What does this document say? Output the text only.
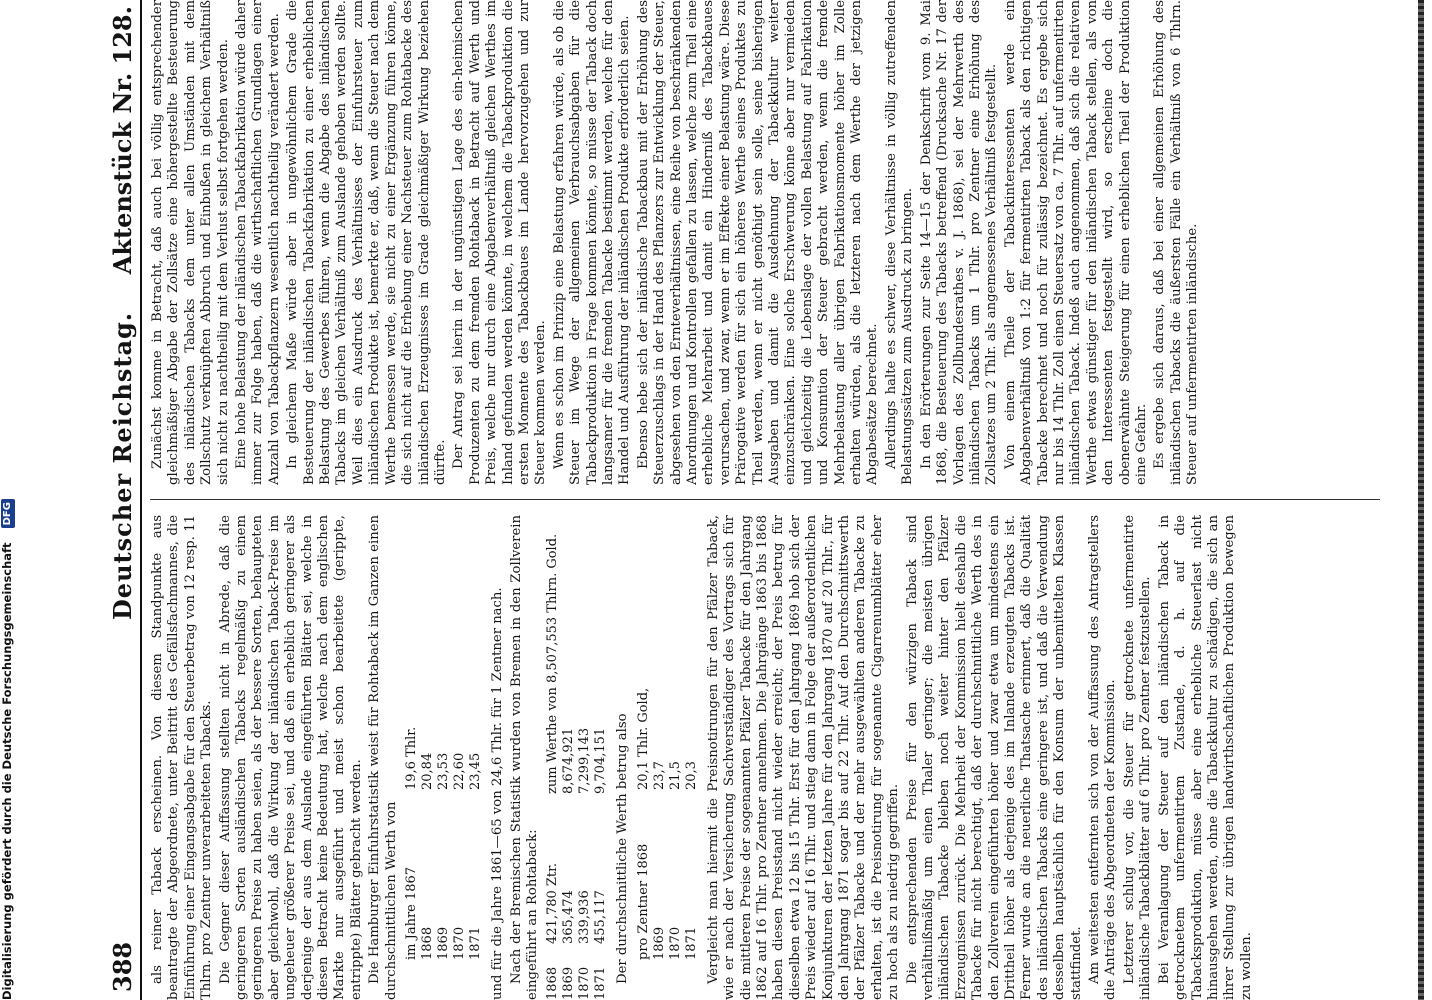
388
Deutscher Reichstag.
Aktenstück Nr. 128.

als reiner Taback erscheinen. Von diesem Standpunkte aus beantragte der Abgeordnete, unter Beitritt des Gefällsfachmannes, die Einführung einer Eingangsabgabe für den Steuerbetrag von 12 resp. 11 Thlrn. pro Zentner unverarbeiteten Tabacks. Die Gegner dieser Auffassung stellten nicht in Abrede, daß die geringeren Sorten ausländischen Tabacks regelmäßig zu einem geringeren Preise zu haben seien, als der bessere Sorten, behaupteten aber gleichwohl, daß die Wirkung der inländischen Taback-Preise im ungeheuer größerer Preise sei, und daß ein erheblich geringerer als derjenige der aus dem Auslande eingeführten Blätter sei, welche in diesen Betracht keine Bedeutung hat, welche nach dem englischen Markte nur ausgeführt und meist schon bearbeitete (gerippte, entrippte) Blätter gebracht werden. Die Hamburger Einfuhrstatistik weist für Rohtaback im Ganzen einen durchschnittlichen Werth von im Jahre 1867
19,6 Thlr.
1868
20,84
1869
23,53
1870
22,60
1871
23,45 und für die Jahre 1861—65 von 24,6 Thlr. für 1 Zentner nach. Nach der Bremischen Statistik wurden von Bremen in den Zollverein eingeführt an Rohtaback: 1868
421,780 Ztr.
zum Werthe von 8,507,553 Thlrn. Gold.
1869
365,474
8,674,921
1870
339,936
7,299,143
1871
455,117
9,704,151 Der durchschnittliche Werth betrug also pro Zentner 1868
20,1 Thlr. Gold,
1869
23,7
1870
21,5
1871
20,3 Vergleicht man hiermit die Preisnotirungen für den Pfälzer Taback, wie er nach der Versicherung Sachverständiger des Vortrags sich für die mittleren Preise der sogenannten Pfälzer Tabacke für den Jahrgang 1862 auf 16 Thlr. pro Zentner annehmen. Die Jahrgänge 1863 bis 1868 haben diesen Preisstand nicht wieder erreicht; der Preis betrug für dieselben etwa 12 bis 15 Thlr. Erst für den Jahrgang 1869 hob sich der Preis wieder auf 16 Thlr. und stieg dann in Folge der außerordentlichen Konjunkturen der letzten Jahre für den Jahrgang 1870 auf 20 Thlr., für den Jahrgang 1871 sogar bis auf 22 Thlr. Auf den Durchschnittswerth der Pfälzer Tabacke und der mehr ausgewählten anderen Tabacke zu erhalten, ist die Preisnotirung für sogenannte Cigarrenumblätter eher zu hoch als zu niedrig gegriffen. Die entsprechenden Preise für den würzigen Taback sind verhältnißmäßig um einen Thaler geringer; die meisten übrigen inländischen Tabacke bleiben noch weiter hinter den Pfälzer Erzeugnissen zurück. Die Mehrheit der Kommission hielt deshalb die Tabacke für nicht berechtigt, daß der durchschnittliche Werth des in den Zollverein eingeführten höher und zwar etwa um mindestens ein Drittheil höher als derjenige des im Inlande erzeugten Tabacks ist. Ferner wurde an die neuerliche Thatsache erinnert, daß die Qualität des inländischen Tabacks eine geringere ist, und daß die Verwendung desselben hauptsächlich für den Konsum der unbemittelten Klassen stattfindet. Am weitesten entfernten sich von der Auffassung des Antragstellers die Anträge des Abgeordneten der Kommission. Letzterer schlug vor, die Steuer für getrocknete unfermentirte inländische Tabackblätter auf 6 Thlr. pro Zentner festzustellen. Bei Veranlagung der Steuer auf den inländischen Taback in getrocknetem unfermentirtem Zustande, d. h. auf die Tabacksproduktion, müsse aber eine erhebliche Steuerlast nicht hinausgehen werden, ohne die Tabackkultur zu schädigen, die sich an ihrer Stellung zur übrigen landwirthschaftlichen Produktion bewegen zu wollen.

Zunächst komme in Betracht, daß auch bei völlig entsprechender gleichmäßiger Abgabe der Zollsätze eine höhergestellte Besteuerung des inländischen Tabacks dem unter allen Umständen mit dem Zollschutz verknüpften Abbruch und Einbußen in gleichem Verhältniß sich nicht zu nachtheilig mit dem Verlust selbst fortgehen werden. Eine hohe Belastung der inländischen Tabackfabrikation würde daher immer zur Folge haben, daß die wirthschaftlichen Grundlagen einer Anzahl von Tabackpflanzern wesentlich nachtheilig verändert werden. In gleichem Maße würde aber in ungewöhnlichem Grade die Besteuerung der inländischen Tabackfabrikation zu einer erheblichen Belastung des Gewerbes führen, wenn die Abgabe des inländischen Tabacks im gleichen Verhältniß zum Auslande gehoben werden sollte. Weil dies ein Ausdruck des Verhältnisses der Einfuhrsteuer zum inländischen Produkte ist, bemerkte er, daß, wenn die Steuer nach dem Werthe bemessen werde, sie nicht zu einer Ergänzung führen könne, die sich nicht auf die Erhebung einer Nachsteuer zum Rohtabacke des inländischen Erzeugnisses im Grade gleichmäßiger Wirkung beziehen dürfte. Der Antrag sei hierin in der ungünstigen Lage des ein-heimischen Produzenten zu dem fremden Rohtaback in Betracht auf Werth und Preis, welche nur durch eine Abgabenverhältniß gleichen Werthes im Inland gefunden werden könnte, in welchem die Tabackproduktion die ersten Momente des Tabackbaues im Lande hervorzugehen und zur Steuer kommen werden. Wenn es schon im Prinzip eine Belastung erfahren würde, als ob die Steuer im Wege der allgemeinen Verbrauchsabgaben für die Tabackproduktion in Frage kommen könnte, so müsse der Taback doch langsamer für die fremden Tabacke bestimmt werden, welche für den Handel und Ausführung der inländischen Produkte erforderlich seien. Ebenso hebe sich der inländische Tabackbau mit der Erhöhung des Steuerzuschlags in der Hand des Pflanzers zur Entwicklung der Steuer, abgesehen von den Ernteverhältnissen, eine Reihe von beschränkenden Anordnungen und Kontrollen gefallen zu lassen, welche zum Theil eine erhebliche Mehrarbeit und damit ein Hinderniß des Tabackbaues verursachen, und zwar, wenn er im Effekte einer Belastung wäre. Diese Prärogative werden für sich ein höheres Werthe seines Produktes zu Theil werden, wenn er nicht genöthigt sein solle, seine bisherigen Ausgaben und damit die Ausdehnung der Tabackkultur weiter einzuschränken. Eine solche Erschwerung könne aber nur vermieden und gleichzeitig die Lebenslage der vollen Belastung auf Fabrikation und Konsumtion der Steuer gebracht werden, wenn die fremde Mehrbelastung aller übrigen Fabrikationsmomente höher im Zolle erhalten würden, als die letzteren nach dem Werthe der jetzigen Abgabesätze berechnet. Allerdings halte es schwer, diese Verhältnisse in völlig zutreffenden Belastungssätzen zum Ausdruck zu bringen. In den Erörterungen zur Seite 14—15 der Denkschrift vom 9. Mai 1868, die Besteuerung des Tabacks betreffend (Drucksache Nr. 17 der Vorlagen des Zollbundesrathes v. J. 1868), sei der Mehrwerth des inländischen Tabacks um 1 Thlr. pro Zentner eine Erhöhung des Zollsatzes um 2 Thlr. als angemessenes Verhältniß festgestellt. Von einem Theile der Tabackinteressenten werde ein Abgabenverhältniß von 1:2 für fermentirten Taback als den richtigen Tabacke berechnet und noch für zulässig bezeichnet. Es ergebe sich nur bis 14 Thlr. Zoll einen Steuersatz von ca. 7 Thlr. auf unfermentirten inländischen Taback. Indeß auch angenommen, daß sich die relativen Werthe etwas günstiger für den inländischen Taback stellen, als von den Interessenten festgestellt wird, so erscheine doch die obenerwähnte Steigerung für einen erheblichen Theil der Produktion eine Gefahr. Es ergebe sich daraus, daß bei einer allgemeinen Erhöhung des inländischen Tabacks die äußersten Fälle ein Verhältniß von 6 Thlrn. Steuer auf unfermentirten inländische.

Digitalisierung gefördert durch die Deutsche Forschungsgemeinschaft DFG
